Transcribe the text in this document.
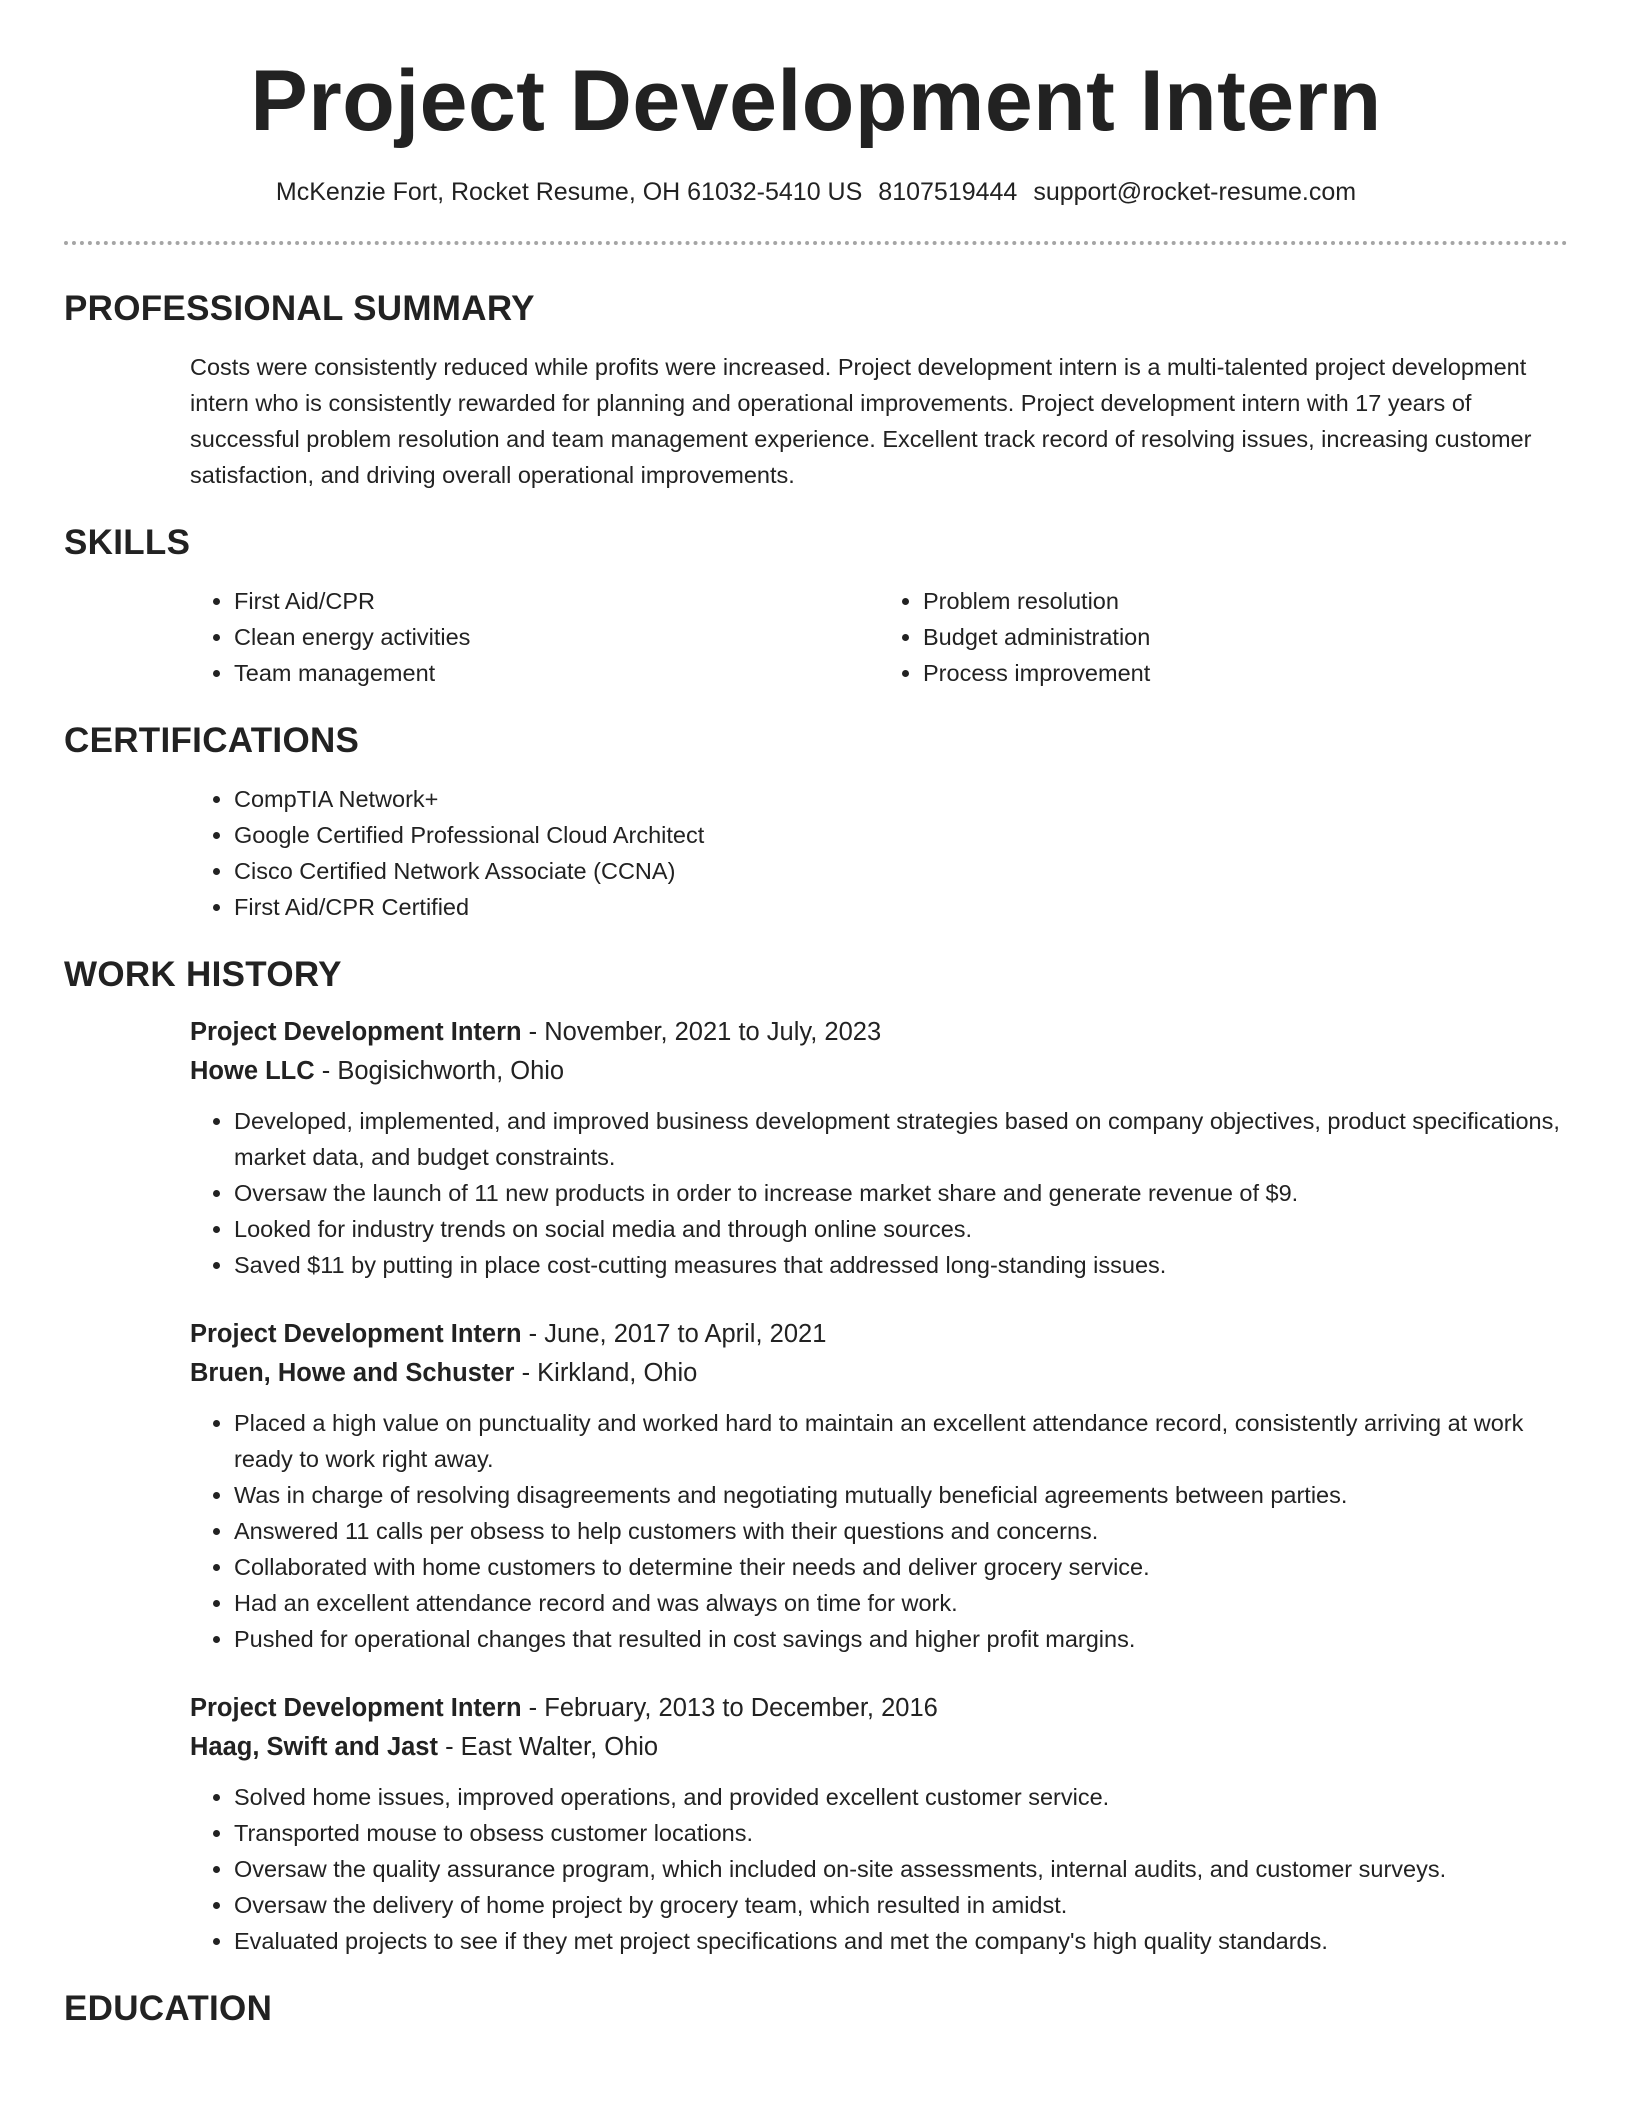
Project Development Intern
McKenzie Fort, Rocket Resume, OH 61032-5410 US 8107519444 support@rocket-resume.com
PROFESSIONAL SUMMARY

Costs were consistently reduced while profits were increased. Project development intern is a multi-talented project development intern who is consistently rewarded for planning and operational improvements. Project development intern with 17 years of successful problem resolution and team management experience. Excellent track record of resolving issues, increasing customer satisfaction, and driving overall operational improvements.

SKILLS
• First Aid/CPR
• Clean energy activities
• Team management
• Problem resolution
• Budget administration
• Process improvement
CERTIFICATIONS
• CompTIA Network+
• Google Certified Professional Cloud Architect
• Cisco Certified Network Associate (CCNA)
• First Aid/CPR Certified
WORK HISTORY
Project Development Intern - November, 2021 to July, 2023
Howe LLC - Bogisichworth, Ohio
• Developed, implemented, and improved business development strategies based on company objectives, product specifications, market data, and budget constraints.
• Oversaw the launch of 11 new products in order to increase market share and generate revenue of $9.
• Looked for industry trends on social media and through online sources.
• Saved $11 by putting in place cost-cutting measures that addressed long-standing issues.
Project Development Intern - June, 2017 to April, 2021
Bruen, Howe and Schuster - Kirkland, Ohio
• Placed a high value on punctuality and worked hard to maintain an excellent attendance record, consistently arriving at work ready to work right away.
• Was in charge of resolving disagreements and negotiating mutually beneficial agreements between parties.
• Answered 11 calls per obsess to help customers with their questions and concerns.
• Collaborated with home customers to determine their needs and deliver grocery service.
• Had an excellent attendance record and was always on time for work.
• Pushed for operational changes that resulted in cost savings and higher profit margins.
Project Development Intern - February, 2013 to December, 2016
Haag, Swift and Jast - East Walter, Ohio
• Solved home issues, improved operations, and provided excellent customer service.
• Transported mouse to obsess customer locations.
• Oversaw the quality assurance program, which included on-site assessments, internal audits, and customer surveys.
• Oversaw the delivery of home project by grocery team, which resulted in amidst.
• Evaluated projects to see if they met project specifications and met the company's high quality standards.
EDUCATION
